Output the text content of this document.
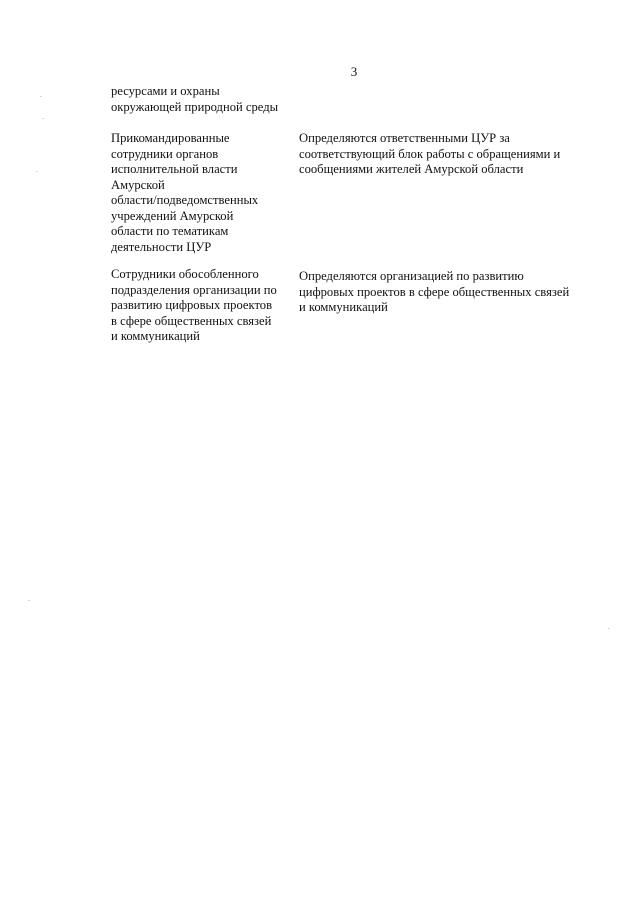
3
ресурсами и охраны
окружающей природной среды
Прикомандированные
сотрудники органов
исполнительной власти
Амурской
области/подведомственных
учреждений Амурской
области по тематикам
деятельности ЦУР
Определяются ответственными ЦУР за
соответствующий блок работы с обращениями и
сообщениями жителей Амурской области
Сотрудники обособленного
подразделения организации по
развитию цифровых проектов
в сфере общественных связей
и коммуникаций
Определяются организацией по развитию
цифровых проектов в сфере общественных связей
и коммуникаций
